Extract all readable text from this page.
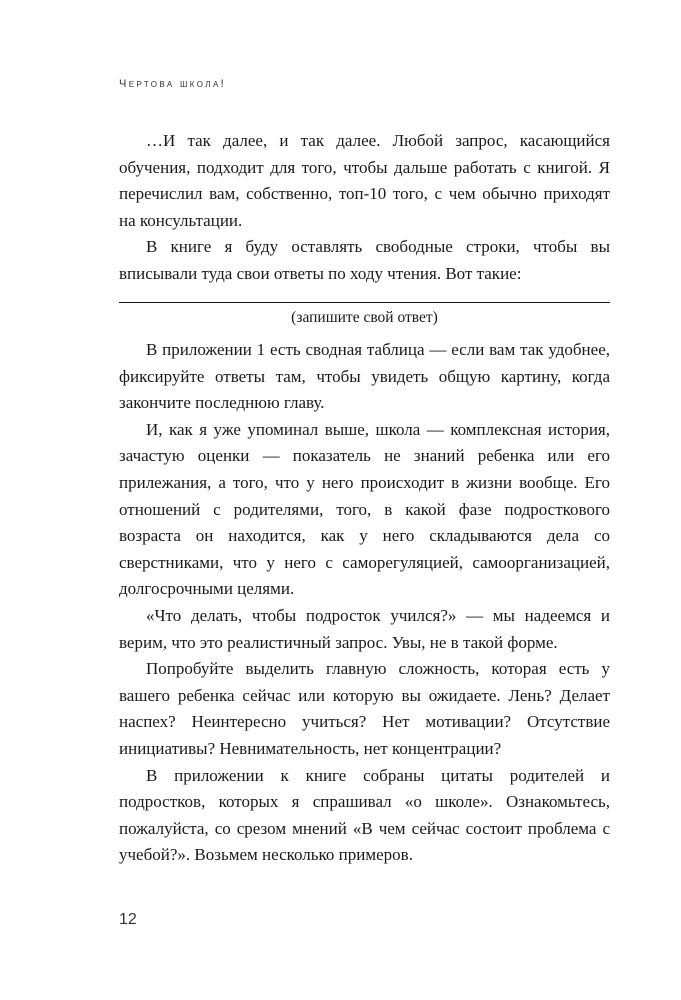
Чертова школа!

…И так далее, и так далее. Любой запрос, касающийся обучения, подходит для того, чтобы дальше работать с книгой. Я перечислил вам, собственно, топ-10 того, с чем обычно приходят на консультации.

В книге я буду оставлять свободные строки, чтобы вы вписывали туда свои ответы по ходу чтения. Вот такие:

(запишите свой ответ)

В приложении 1 есть сводная таблица — если вам так удобнее, фиксируйте ответы там, чтобы увидеть общую картину, когда закончите последнюю главу.

И, как я уже упоминал выше, школа — комплексная история, зачастую оценки — показатель не знаний ребенка или его прилежания, а того, что у него происходит в жизни вообще. Его отношений с родителями, того, в какой фазе подросткового возраста он находится, как у него складываются дела со сверстниками, что у него с саморегуляцией, самоорганизацией, долгосрочными целями.

«Что делать, чтобы подросток учился?» — мы надеемся и верим, что это реалистичный запрос. Увы, не в такой форме.

Попробуйте выделить главную сложность, которая есть у вашего ребенка сейчас или которую вы ожидаете. Лень? Делает наспех? Неинтересно учиться? Нет мотивации? Отсутствие инициативы? Невнимательность, нет концентрации?

В приложении к книге собраны цитаты родителей и подростков, которых я спрашивал «о школе». Ознакомьтесь, пожалуйста, со срезом мнений «В чем сейчас состоит проблема с учебой?». Возьмем несколько примеров.

12
